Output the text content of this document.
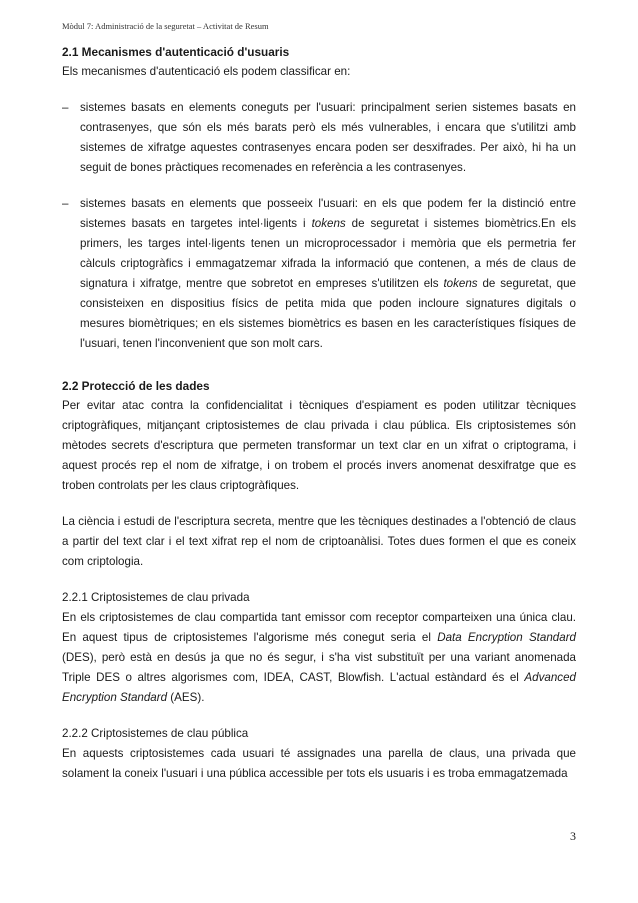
Mòdul 7: Administració de la seguretat – Activitat de Resum
2.1 Mecanismes d'autenticació d'usuaris

Els mecanismes d'autenticació els podem classificar en:

– sistemes basats en elements coneguts per l'usuari: principalment serien sistemes basats en contrasenyes, que són els més barats però els més vulnerables, i encara que s'utilitzi amb sistemes de xifratge aquestes contrasenyes encara poden ser desxifrades. Per això, hi ha un seguit de bones pràctiques recomenades en referència a les contrasenyes.

– sistemes basats en elements que posseeix l'usuari: en els que podem fer la distinció entre sistemes basats en targetes intel·ligents i tokens de seguretat i sistemes biomètrics.En els primers, les targes intel·ligents tenen un microprocessador i memòria que els permetria fer càlculs criptogràfics i emmagatzemar xifrada la informació que contenen, a més de claus de signatura i xifratge, mentre que sobretot en empreses s'utilitzen els tokens de seguretat, que consisteixen en dispositius físics de petita mida que poden incloure signatures digitals o mesures biomètriques; en els sistemes biomètrics es basen en les característiques físiques de l'usuari, tenen l'inconvenient que son molt cars.

2.2 Protecció de les dades

Per evitar atac contra la confidencialitat i tècniques d'espiament es poden utilitzar tècniques criptogràfiques, mitjançant criptosistemes de clau privada i clau pública. Els criptosistemes són mètodes secrets d'escriptura que permeten transformar un text clar en un xifrat o criptograma, i aquest procés rep el nom de xifratge, i on trobem el procés invers anomenat desxifratge que es troben controlats per les claus criptogràfiques.

La ciència i estudi de l'escriptura secreta, mentre que les tècniques destinades a l'obtenció de claus a partir del text clar i el text xifrat rep el nom de criptoanàlisi. Totes dues formen el que es coneix com criptologia.

2.2.1 Criptosistemes de clau privada

En els criptosistemes de clau compartida tant emissor com receptor comparteixen una única clau. En aquest tipus de criptosistemes l'algorisme més conegut seria el Data Encryption Standard (DES), però està en desús ja que no és segur, i s'ha vist substituït per una variant anomenada Triple DES o altres algorismes com, IDEA, CAST, Blowfish. L'actual estàndard és el Advanced Encryption Standard (AES).

2.2.2 Criptosistemes de clau pública

En aquests criptosistemes cada usuari té assignades una parella de claus, una privada que solament la coneix l'usuari i una pública accessible per tots els usuaris i es troba emmagatzemada

3
